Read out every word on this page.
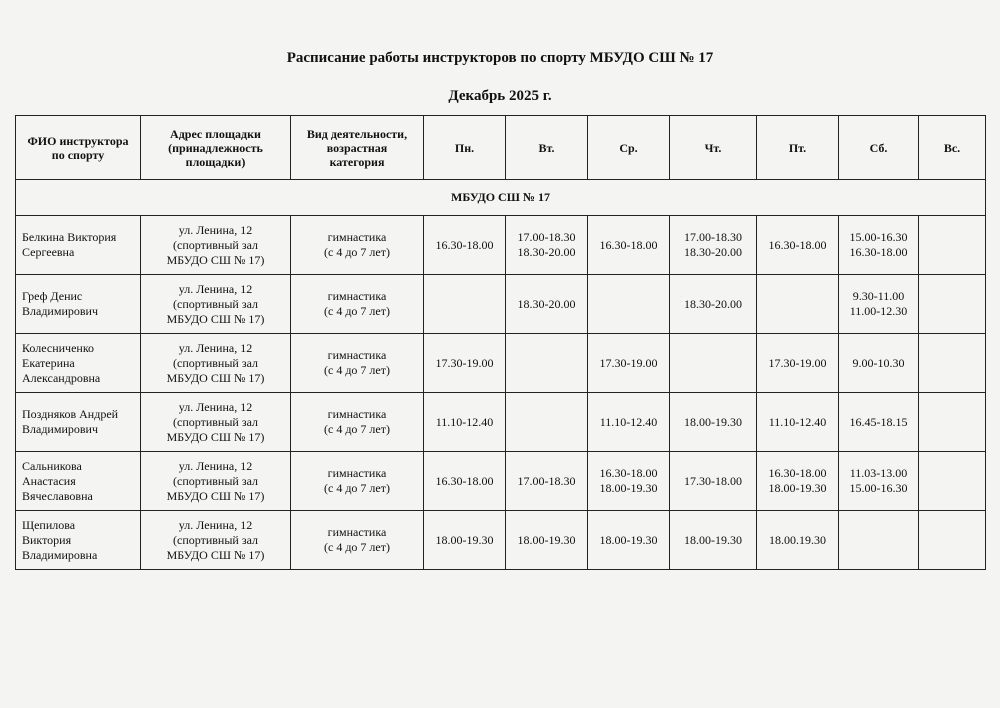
Расписание работы инструкторов по спорту МБУДО СШ № 17
Декабрь 2025 г.
ФИО инструктора
по спорту	Адрес площадки
(принадлежность
площадки)	Вид деятельности,
возрастная
категория	Пн.	Вт.	Ср.	Чт.	Пт.	Сб.	Вс.
МБУДО СШ № 17									

Белкина Виктория
Сергеевна	ул. Ленина, 12
(спортивный зал
МБУДО СШ № 17)	гимнастика
(с 4 до 7 лет)	16.30-18.00	17.00-18.30
18.30-20.00	16.30-18.00	17.00-18.30
18.30-20.00	16.30-18.00	15.00-16.30
16.30-18.00	

Греф Денис
Владимирович	ул. Ленина, 12
(спортивный зал
МБУДО СШ № 17)	гимнастика
(с 4 до 7 лет)		18.30-20.00		18.30-20.00		9.30-11.00
11.00-12.30	

Колесниченко
Екатерина
Александровна	ул. Ленина, 12
(спортивный зал
МБУДО СШ № 17)	гимнастика
(с 4 до 7 лет)	17.30-19.00		17.30-19.00		17.30-19.00	9.00-10.30	

Поздняков Андрей
Владимирович	ул. Ленина, 12
(спортивный зал
МБУДО СШ № 17)	гимнастика
(с 4 до 7 лет)	11.10-12.40		11.10-12.40	18.00-19.30	11.10-12.40	16.45-18.15	

Сальникова
Анастасия
Вячеславовна	ул. Ленина, 12
(спортивный зал
МБУДО СШ № 17)	гимнастика
(с 4 до 7 лет)	16.30-18.00	17.00-18.30	16.30-18.00
18.00-19.30	17.30-18.00	16.30-18.00
18.00-19.30	11.03-13.00
15.00-16.30	

Щепилова
Виктория
Владимировна	ул. Ленина, 12
(спортивный зал
МБУДО СШ № 17)	гимнастика
(с 4 до 7 лет)	18.00-19.30	18.00-19.30	18.00-19.30	18.00-19.30	18.00.19.30		
